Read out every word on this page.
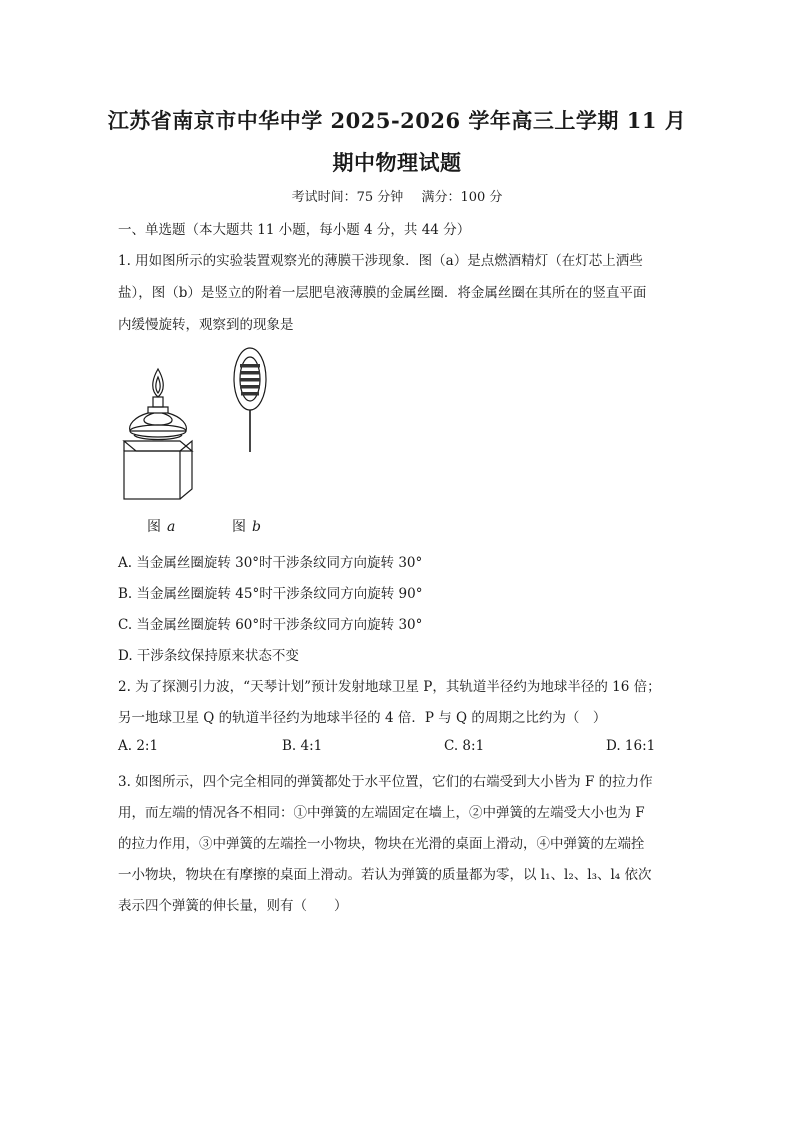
江苏省南京市中华中学 2025-2026 学年高三上学期 11 月
期中物理试题
考试时间：75 分钟 满分：100 分
一、单选题（本大题共 11 小题，每小题 4 分，共 44 分）
1. 用如图所示的实验装置观察光的薄膜干涉现象．图（a）是点燃酒精灯（在灯芯上洒些
盐），图（b）是竖立的附着一层肥皂液薄膜的金属丝圈．将金属丝圈在其所在的竖直平面
内缓慢旋转，观察到的现象是
图 a	图 b
A. 当金属丝圈旋转 30°时干涉条纹同方向旋转 30°
B. 当金属丝圈旋转 45°时干涉条纹同方向旋转 90°
C. 当金属丝圈旋转 60°时干涉条纹同方向旋转 30°
D. 干涉条纹保持原来状态不变
2. 为了探测引力波，“天琴计划”预计发射地球卫星 P，其轨道半径约为地球半径的 16 倍；
另一地球卫星 Q 的轨道半径约为地球半径的 4 倍．P 与 Q 的周期之比约为（　）
A. 2:1	B. 4:1	C. 8:1	D. 16:1
3. 如图所示，四个完全相同的弹簧都处于水平位置，它们的右端受到大小皆为 F 的拉力作
用，而左端的情况各不相同：①中弹簧的左端固定在墙上，②中弹簧的左端受大小也为 F
的拉力作用，③中弹簧的左端拴一小物块，物块在光滑的桌面上滑动，④中弹簧的左端拴
一小物块，物块在有摩擦的桌面上滑动。若认为弹簧的质量都为零，以 l₁、l₂、l₃、l₄ 依次
表示四个弹簧的伸长量，则有（　　）
